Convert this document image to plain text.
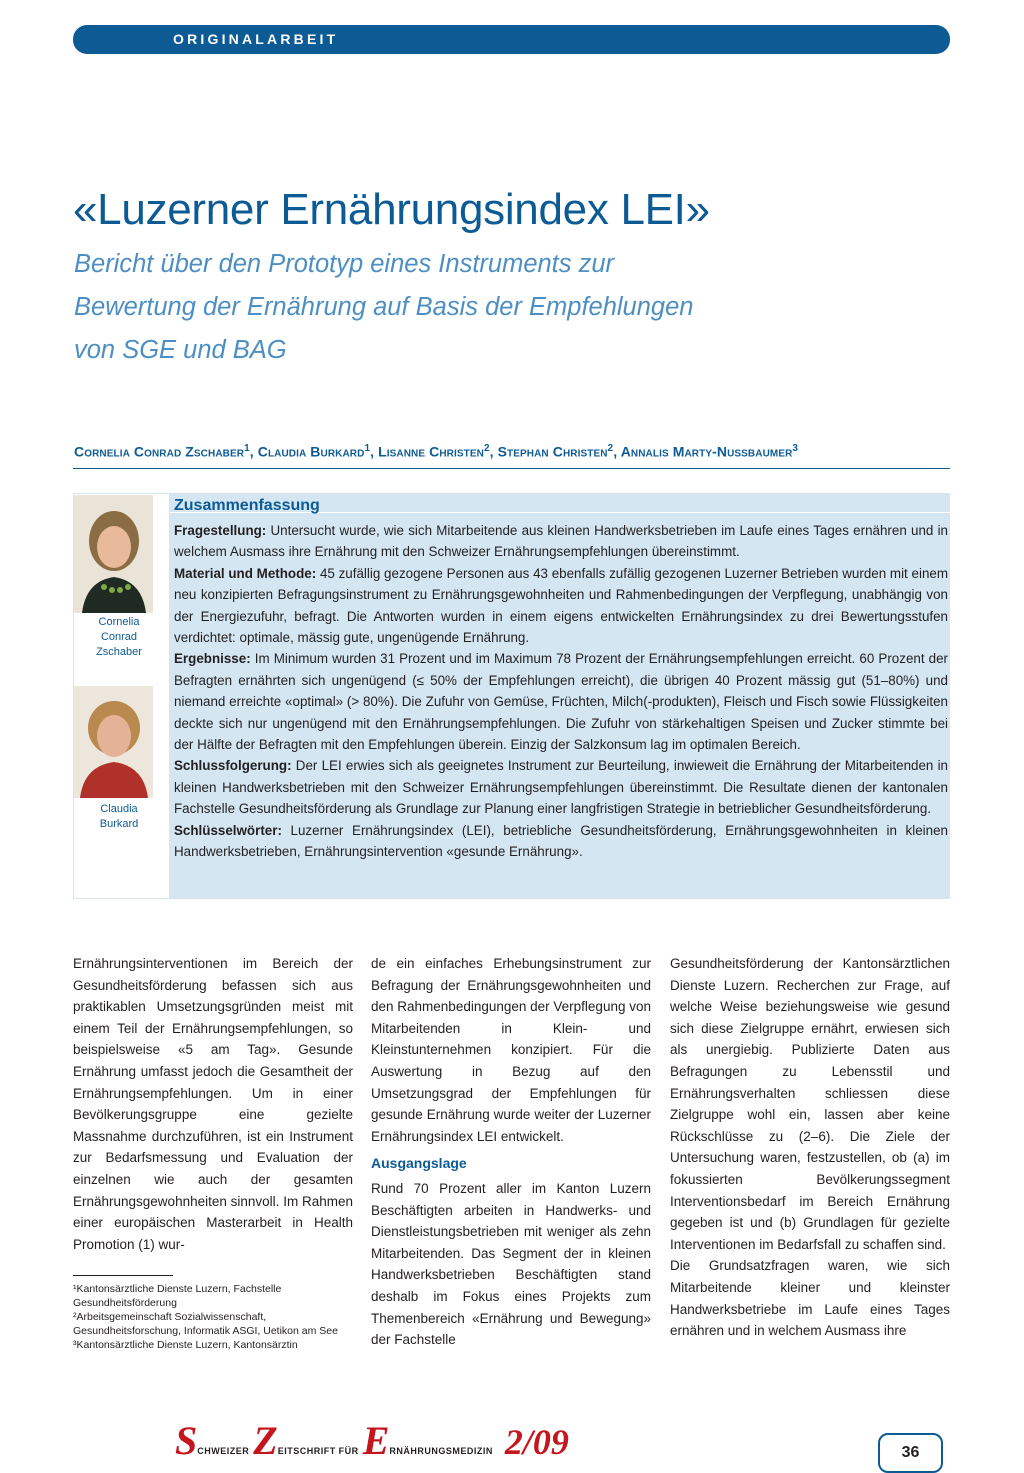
ORIGINALARBEIT
«Luzerner Ernährungsindex LEI»
Bericht über den Prototyp eines Instruments zur
Bewertung der Ernährung auf Basis der Empfehlungen
von SGE und BAG
Cornelia Conrad Zschaber$^1$, Claudia Burkard$^1$, Lisanne Christen$^2$, Stephan Christen$^2$, Annalis Marty-Nussbaumer$^3$
Cornelia
Conrad
Zschaber
Claudia
Burkard
Zusammenfassung

Fragestellung: Untersucht wurde, wie sich Mitarbeitende aus kleinen Handwerksbetrieben im Laufe eines Tages ernähren und in welchem Ausmass ihre Ernährung mit den Schweizer Ernährungsempfehlungen übereinstimmt.

Material und Methode: 45 zufällig gezogene Personen aus 43 ebenfalls zufällig gezogenen Luzerner Betrieben wurden mit einem neu konzipierten Befragungsinstrument zu Ernährungsgewohnheiten und Rahmenbedingungen der Verpflegung, unabhängig von der Energiezufuhr, befragt. Die Antworten wurden in einem eigens entwickelten Ernährungsindex zu drei Bewertungsstufen verdichtet: optimale, mässig gute, ungenügende Ernährung.

Ergebnisse: Im Minimum wurden 31 Prozent und im Maximum 78 Prozent der Ernährungsempfehlungen erreicht. 60 Prozent der Befragten ernährten sich ungenügend (≤ 50% der Empfehlungen erreicht), die übrigen 40 Prozent mässig gut (51–80%) und niemand erreichte «optimal» (> 80%). Die Zufuhr von Gemüse, Früchten, Milch(-produkten), Fleisch und Fisch sowie Flüssigkeiten deckte sich nur ungenügend mit den Ernährungsempfehlungen. Die Zufuhr von stärkehaltigen Speisen und Zucker stimmte bei der Hälfte der Befragten mit den Empfehlungen überein. Einzig der Salzkonsum lag im optimalen Bereich.

Schlussfolgerung: Der LEI erwies sich als geeignetes Instrument zur Beurteilung, inwieweit die Ernährung der Mitarbeitenden in kleinen Handwerksbetrieben mit den Schweizer Ernährungsempfehlungen übereinstimmt. Die Resultate dienen der kantonalen Fachstelle Gesundheitsförderung als Grundlage zur Planung einer langfristigen Strategie in betrieblicher Gesundheitsförderung.

Schlüsselwörter: Luzerner Ernährungsindex (LEI), betriebliche Gesundheitsförderung, Ernährungsgewohnheiten in kleinen Handwerksbetrieben, Ernährungsintervention «gesunde Ernährung».

Ernährungsinterventionen im Bereich der Gesundheitsförderung befassen sich aus praktikablen Umsetzungsgründen meist mit einem Teil der Ernährungsempfehlungen, so beispielsweise «5 am Tag». Gesunde Ernährung umfasst jedoch die Gesamtheit der Ernährungsempfehlungen. Um in einer Bevölkerungsgruppe eine gezielte Massnahme durchzuführen, ist ein Instrument zur Bedarfsmessung und Evaluation der einzelnen wie auch der gesamten Ernährungsgewohnheiten sinnvoll. Im Rahmen einer europäischen Masterarbeit in Health Promotion (1) wur-

de ein einfaches Erhebungsinstrument zur Befragung der Ernährungsgewohnheiten und den Rahmenbedingungen der Verpflegung von Mitarbeitenden in Klein- und Kleinstunternehmen konzipiert. Für die Auswertung in Bezug auf den Umsetzungsgrad der Empfehlungen für gesunde Ernährung wurde weiter der Luzerner Ernährungsindex LEI entwickelt.

Ausgangslage

Rund 70 Prozent aller im Kanton Luzern Beschäftigten arbeiten in Handwerks- und Dienstleistungsbetrieben mit weniger als zehn Mitarbeitenden. Das Segment der in kleinen Handwerksbetrieben Beschäftigten stand deshalb im Fokus eines Projekts zum Themenbereich «Ernährung und Bewegung» der Fachstelle

Gesundheitsförderung der Kantonsärztlichen Dienste Luzern. Recherchen zur Frage, auf welche Weise beziehungsweise wie gesund sich diese Zielgruppe ernährt, erwiesen sich als unergiebig. Publizierte Daten aus Befragungen zu Lebensstil und Ernährungsverhalten schliessen diese Zielgruppe wohl ein, lassen aber keine Rückschlüsse zu (2–6). Die Ziele der Untersuchung waren, festzustellen, ob (a) im fokussierten Bevölkerungssegment Interventionsbedarf im Bereich Ernährung gegeben ist und (b) Grundlagen für gezielte Interventionen im Bedarfsfall zu schaffen sind.

Die Grundsatzfragen waren, wie sich Mitarbeitende kleiner und kleinster Handwerksbetriebe im Laufe eines Tages ernähren und in welchem Ausmass ihre

¹Kantonsärztliche Dienste Luzern, Fachstelle Gesundheitsförderung
²Arbeitsgemeinschaft Sozialwissenschaft, Gesundheitsforschung, Informatik ASGI, Uetikon am See
³Kantonsärztliche Dienste Luzern, Kantonsärztin
SCHWEIZER ZEITSCHRIFT FÜR ERNÄHRUNGSMEDIZIN 2/09	36
